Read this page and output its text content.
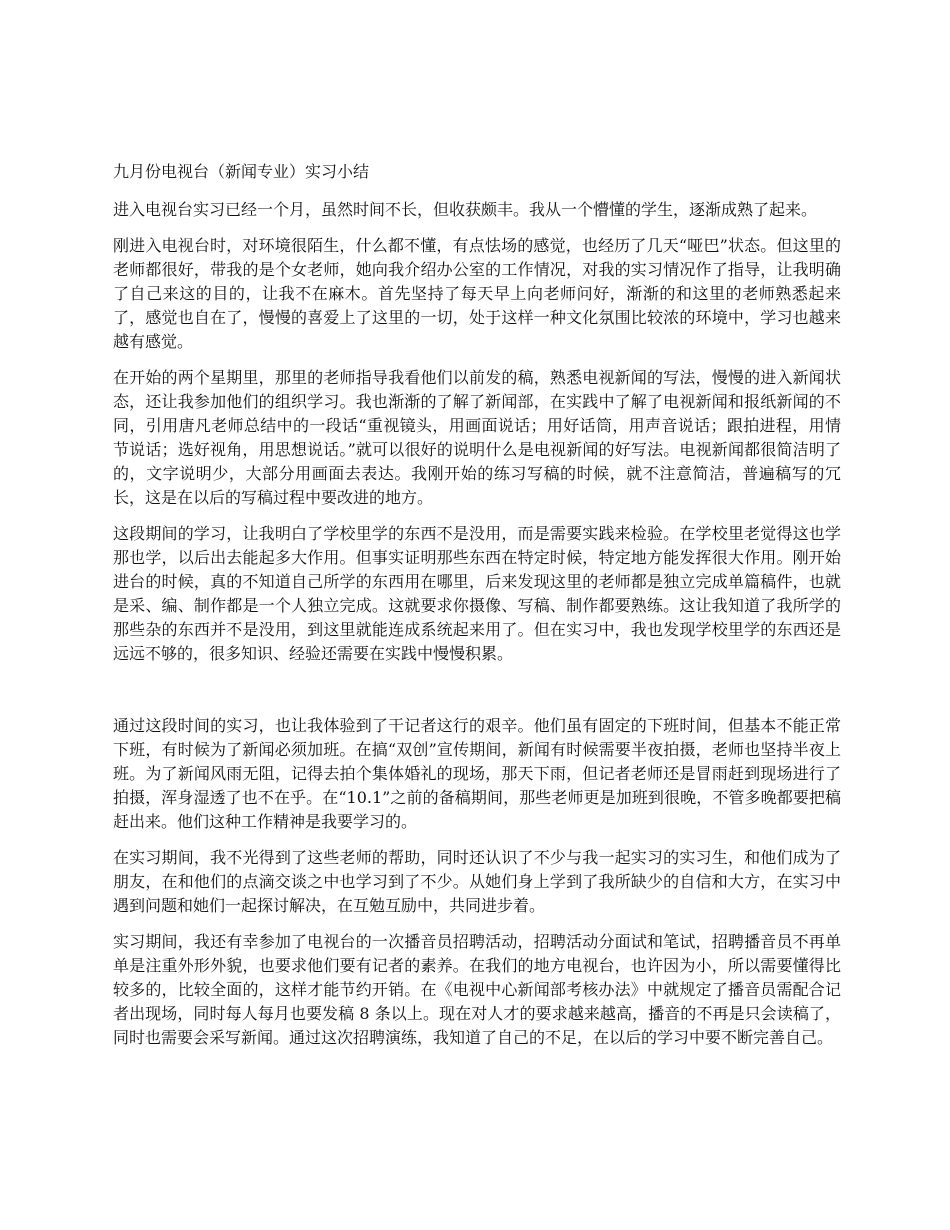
九月份电视台（新闻专业）实习小结

进入电视台实习已经一个月，虽然时间不长，但收获颇丰。我从一个懵懂的学生，逐渐成熟了起来。

刚进入电视台时，对环境很陌生，什么都不懂，有点怯场的感觉，也经历了几天“哑巴”状态。但这里的老师都很好，带我的是个女老师，她向我介绍办公室的工作情况，对我的实习情况作了指导，让我明确了自己来这的目的，让我不在麻木。首先坚持了每天早上向老师问好，渐渐的和这里的老师熟悉起来了，感觉也自在了，慢慢的喜爱上了这里的一切，处于这样一种文化氛围比较浓的环境中，学习也越来越有感觉。

在开始的两个星期里，那里的老师指导我看他们以前发的稿，熟悉电视新闻的写法，慢慢的进入新闻状态，还让我参加他们的组织学习。我也渐渐的了解了新闻部，在实践中了解了电视新闻和报纸新闻的不同，引用唐凡老师总结中的一段话“重视镜头，用画面说话；用好话筒，用声音说话；跟拍进程，用情节说话；选好视角，用思想说话。”就可以很好的说明什么是电视新闻的好写法。电视新闻都很简洁明了的，文字说明少，大部分用画面去表达。我刚开始的练习写稿的时候，就不注意简洁，普遍稿写的冗长，这是在以后的写稿过程中要改进的地方。

这段期间的学习，让我明白了学校里学的东西不是没用，而是需要实践来检验。在学校里老觉得这也学那也学，以后出去能起多大作用。但事实证明那些东西在特定时候，特定地方能发挥很大作用。刚开始进台的时候，真的不知道自己所学的东西用在哪里，后来发现这里的老师都是独立完成单篇稿件，也就是采、编、制作都是一个人独立完成。这就要求你摄像、写稿、制作都要熟练。这让我知道了我所学的那些杂的东西并不是没用，到这里就能连成系统起来用了。但在实习中，我也发现学校里学的东西还是远远不够的，很多知识、经验还需要在实践中慢慢积累。

通过这段时间的实习，也让我体验到了干记者这行的艰辛。他们虽有固定的下班时间，但基本不能正常下班，有时候为了新闻必须加班。在搞“双创”宣传期间，新闻有时候需要半夜拍摄，老师也坚持半夜上班。为了新闻风雨无阻，记得去拍个集体婚礼的现场，那天下雨，但记者老师还是冒雨赶到现场进行了拍摄，浑身湿透了也不在乎。在“10.1”之前的备稿期间，那些老师更是加班到很晚，不管多晚都要把稿赶出来。他们这种工作精神是我要学习的。

在实习期间，我不光得到了这些老师的帮助，同时还认识了不少与我一起实习的实习生，和他们成为了朋友，在和他们的点滴交谈之中也学习到了不少。从她们身上学到了我所缺少的自信和大方，在实习中遇到问题和她们一起探讨解决，在互勉互励中，共同进步着。

实习期间，我还有幸参加了电视台的一次播音员招聘活动，招聘活动分面试和笔试，招聘播音员不再单单是注重外形外貌，也要求他们要有记者的素养。在我们的地方电视台，也许因为小，所以需要懂得比较多的，比较全面的，这样才能节约开销。在《电视中心新闻部考核办法》中就规定了播音员需配合记者出现场，同时每人每月也要发稿 8 条以上。现在对人才的要求越来越高，播音的不再是只会读稿了，同时也需要会采写新闻。通过这次招聘演练，我知道了自己的不足，在以后的学习中要不断完善自己。
